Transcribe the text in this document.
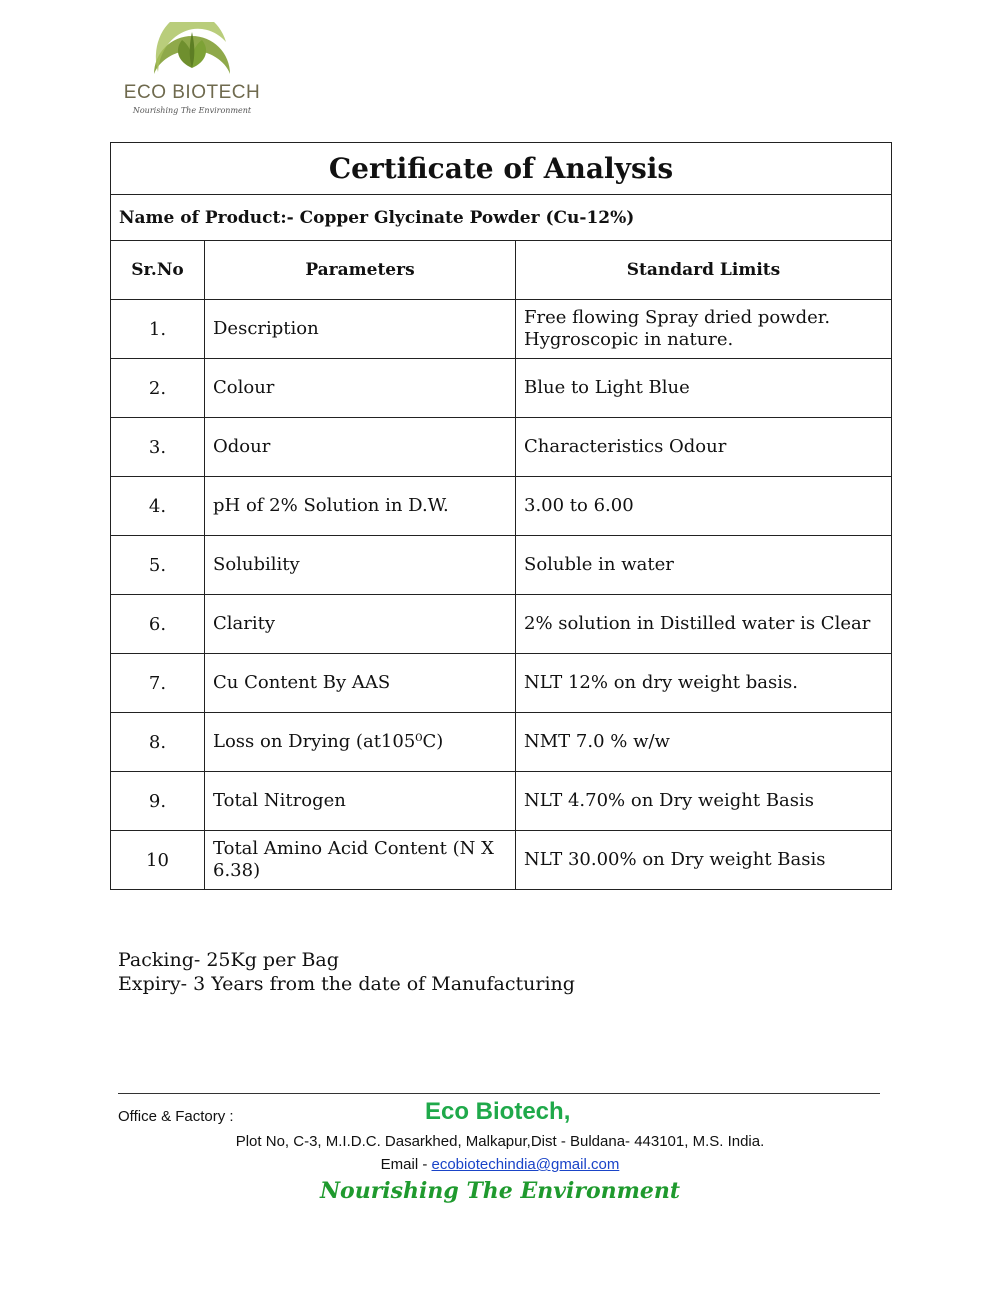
ECO BIOTECH
Nourishing The Environment
Certificate of Analysis		
Name of Product:- Copper Glycinate Powder (Cu-12%)		
Sr.No	Parameters	Standard Limits
1.	Description	Free flowing Spray dried powder. Hygroscopic in nature.
2.	Colour	Blue to Light Blue
3.	Odour	Characteristics Odour
4.	pH of 2% Solution in D.W.	3.00 to 6.00
5.	Solubility	Soluble in water
6.	Clarity	2% solution in Distilled water is Clear
7.	Cu Content By AAS	NLT 12% on dry weight basis.
8.	Loss on Drying (at105⁰C)	NMT 7.0 % w/w
9.	Total Nitrogen	NLT 4.70% on Dry weight Basis
10	Total Amino Acid Content (N X 6.38)	NLT 30.00% on Dry weight Basis
Packing- 25Kg per Bag
Expiry- 3 Years from the date of Manufacturing
Office & Factory :	Eco Biotech,
Plot No, C-3, M.I.D.C. Dasarkhed, Malkapur,Dist - Buldana- 443101, M.S. India.
Email - ecobiotechindia@gmail.com
Nourishing The Environment
